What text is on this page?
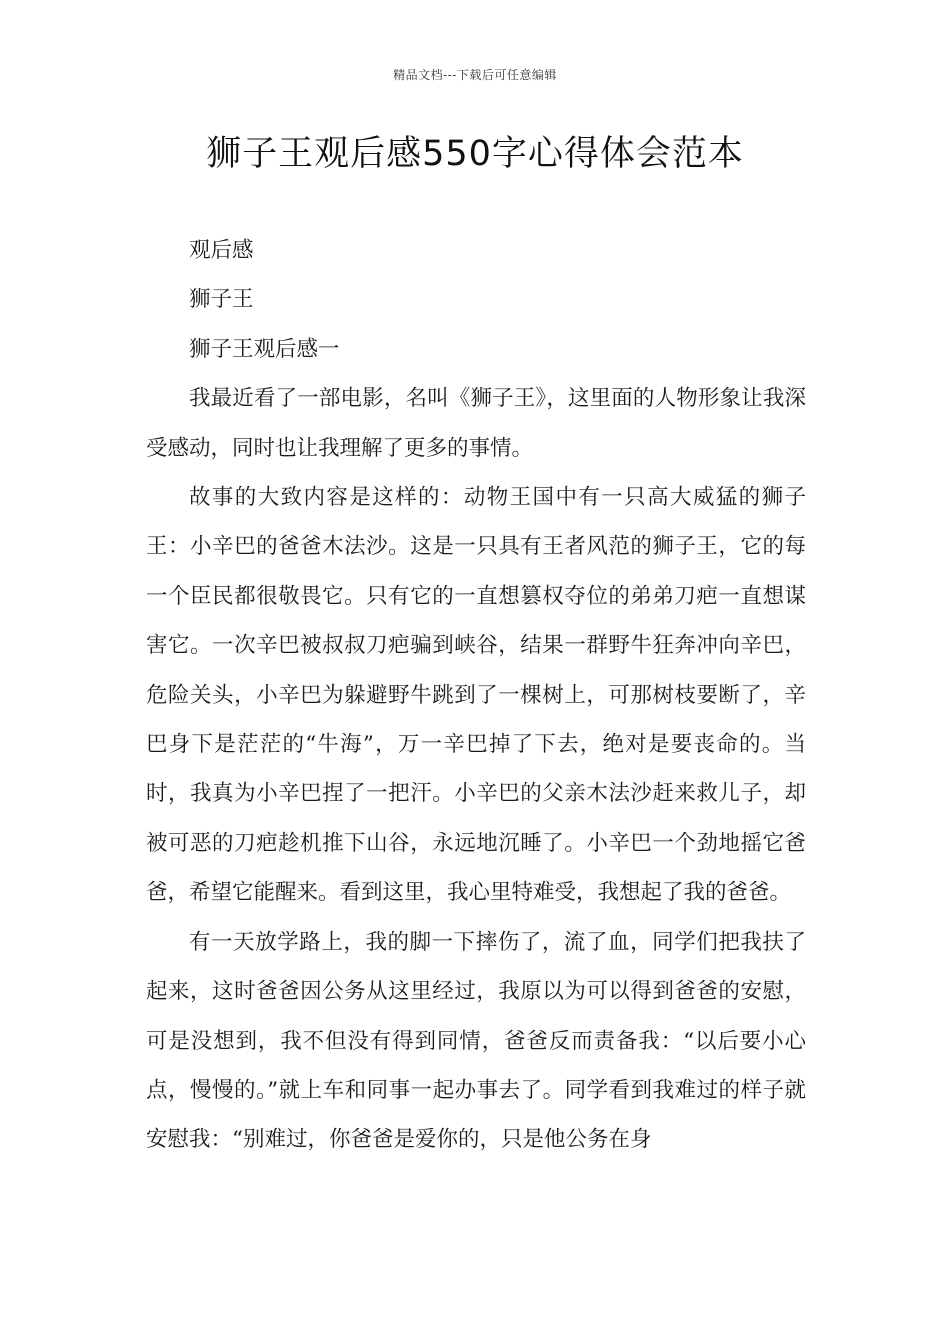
精品文档---下载后可任意编辑
狮子王观后感550字心得体会范本

观后感

狮子王

狮子王观后感一

我最近看了一部电影，名叫《狮子王》，这里面的人物形象让我深受感动，同时也让我理解了更多的事情。

故事的大致内容是这样的：动物王国中有一只高大威猛的狮子王：小辛巴的爸爸木法沙。这是一只具有王者风范的狮子王，它的每一个臣民都很敬畏它。只有它的一直想篡权夺位的弟弟刀疤一直想谋害它。一次辛巴被叔叔刀疤骗到峡谷，结果一群野牛狂奔冲向辛巴，危险关头，小辛巴为躲避野牛跳到了一棵树上，可那树枝要断了，辛巴身下是茫茫的“牛海”，万一辛巴掉了下去，绝对是要丧命的。当时，我真为小辛巴捏了一把汗。小辛巴的父亲木法沙赶来救儿子，却被可恶的刀疤趁机推下山谷，永远地沉睡了。小辛巴一个劲地摇它爸爸，希望它能醒来。看到这里，我心里特难受，我想起了我的爸爸。

有一天放学路上，我的脚一下摔伤了，流了血，同学们把我扶了起来，这时爸爸因公务从这里经过，我原以为可以得到爸爸的安慰，可是没想到，我不但没有得到同情，爸爸反而责备我：“以后要小心点，慢慢的。”就上车和同事一起办事去了。同学看到我难过的样子就安慰我：“别难过，你爸爸是爱你的，只是他公务在身
